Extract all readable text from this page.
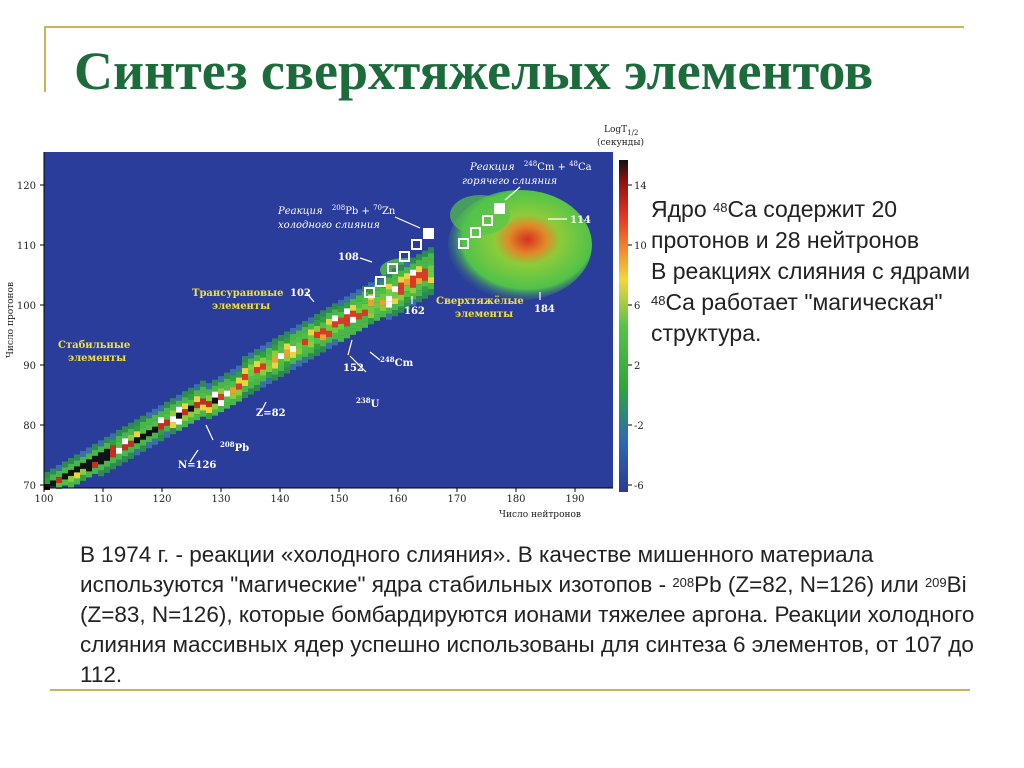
Синтез сверхтяжелых элементов
Стабильные
элементы
Трансурановые
элементы	Сверхтяжёлые
элементы
Реакция $^{208}$Pb + $^{70}$Zn
холодного слияния
Реакция $^{248}$Cm + $^{48}$Ca
горячего слияния
108
102
162
114
184
152
Z=82
N=126
$^{248}$Cm
$^{238}$U
$^{208}$Pb
120
110
100
90
80
70
100	110	120	130	140	150	160	170	180	190
Число протонов
Число нейтронов
LogT$_{1/2}$
(секунды)
14
10
6
2
-2
-6
Ядро $^{48}$Ca содержит 20
протонов и 28 нейтронов
В реакциях слияния с ядрами
$^{48}$Ca работает "магическая"
структура.
В 1974 г. - реакции «холодного слияния». В качестве мишенного материала используются "магические" ядра стабильных изотопов - $^{208}$Pb (Z=82, N=126) или $^{209}$Bi (Z=83, N=126), которые бомбардируются ионами тяжелее аргона. Реакции холодного слияния массивных ядер успешно использованы для синтеза 6 элементов, от 107 до 112.
